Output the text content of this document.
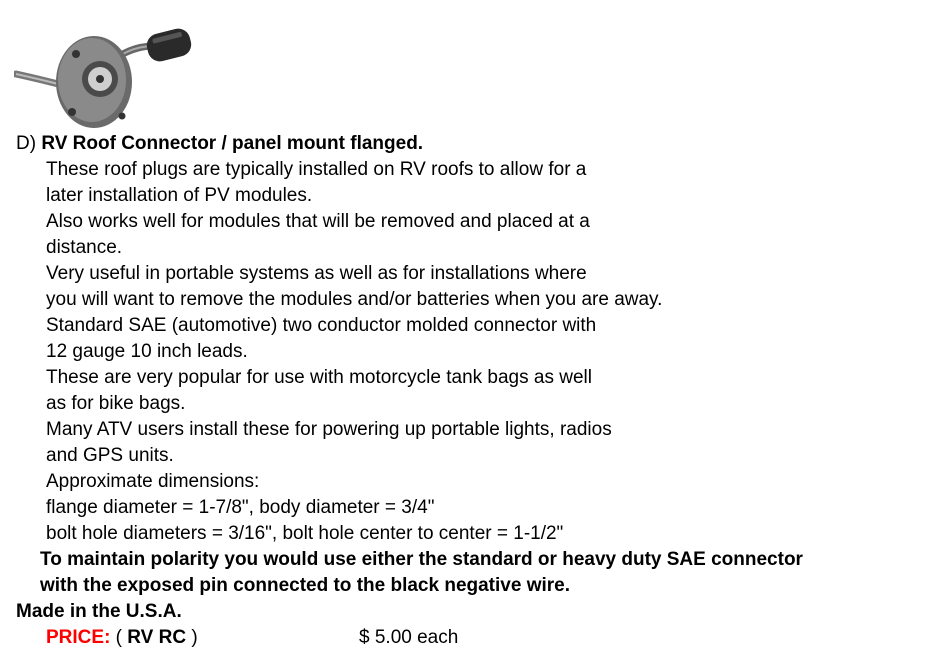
D) RV Roof Connector / panel mount flanged.
These roof plugs are typically installed on RV roofs to allow for a
later installation of PV modules.
Also works well for modules that will be removed and placed at a
distance.
Very useful in portable systems as well as for installations where
you will want to remove the modules and/or batteries when you are away.
Standard SAE (automotive) two conductor molded connector with
12 gauge 10 inch leads.
These are very popular for use with motorcycle tank bags as well
as for bike bags.
Many ATV users install these for powering up portable lights, radios
and GPS units.
Approximate dimensions:
flange diameter = 1-7/8", body diameter = 3/4"
bolt hole diameters = 3/16", bolt hole center to center = 1-1/2"
To maintain polarity you would use either the standard or heavy duty SAE connector
with the exposed pin connected to the black negative wire.
Made in the U.S.A.
PRICE: ( RV RC )	$ 5.00 each
